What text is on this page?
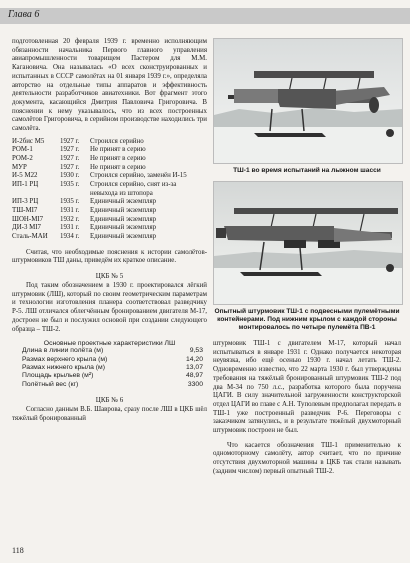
Глава 6

подготовленная 20 февраля 1939 г. временно исполняющим обязанности начальника Первого главного управления авиапромышленности товарищем Пастером для М.М. Кагановича. Она называлась «О всех сконструированных и испытанных в СССР самолётах на 01 января 1939 г.», определяла авторство на отдельные типы аппаратов и эффективность деятельности разработчиков авиатехники. Вот фрагмент этого документа, касающийся Дмитрия Павловича Григоровича. В пояснении к нему указывалось, что из всех построенных самолётов Григоровича, в серийном производстве находились три самолёта.

И-2бис М5	1927 г.	Строился серийно
РОМ-1	1927 г.	Не принят в серию
РОМ-2	1927 г.	Не принят в серию
МУР	1927 г.	Не принят в серию
И-5 М22	1930 г.	Строился серийно, заменён И-15
ИП-1 РЦ	1935 г.	Строился серийно, снят из-за
невыхода из штопора
ИП-3 РЦ	1935 г.	Единичный экземпляр
ТШ-МІ7	1931 г.	Единичный экземпляр
ШОН-МІ7	1932 г.	Единичный экземпляр
ДИ-3 МІ7	1931 г.	Единичный экземпляр
Сталь-МАИ	1934 г.	Единичный экземпляр

Считая, что необходимые пояснения к истории самолётов-штурмовиков ТШ даны, приведём их краткое описание.

ЦКБ № 5

Под таким обозначением в 1930 г. проектировался лёгкий штурмовик (ЛШ), который по своим геометрическим параметрам и технологии изготовления планера соответствовал разведчику Р-5. ЛШ отличался облегчённым бронированием двигателя М-17, достроен не был и послужил основой при создании следующего образца – ТШ-2.

Основные проектные характеристики ЛШ
Длина в линии полёта (м)	9,53
Размах верхнего крыла (м)	14,20
Размах нижнего крыла (м)	13,07
Площадь крыльев (м²)	48,97
Полётный вес (кг)	3300
ЦКБ № 6

Согласно данным В.Б. Шаврова, сразу после ЛШ в ЦКБ шёл тяжёлый бронированный

ТШ-1 во время испытаний на лыжном шасси
Опытный штурмовик ТШ-1 с подвесными пулемётными контейнерами. Под нижним крылом с каждой стороны монтировалось по четыре пулемёта ПВ-1

штурмовик ТШ-1 с двигателем М-17, который начал испытываться в январе 1931 г. Однако получается некоторая неувязка, ибо ещё осенью 1930 г. начал летать ТШ-2. Одновременно известно, что 22 марта 1930 г. был утверждены требования на тяжёлый бронированный штурмовик ТШ-2 под два М-34 по 750 л.с., разработка которого была поручена ЦАГИ. В силу значительной загруженности конструкторской отдел ЦАГИ во главе с А.Н. Туполевым предполагал передать в ТШ-1 уже построенный разведчик Р-6. Переговоры с заказчиком затянулись, и в результате тяжёлый двухмоторный штурмовик построен не был.

Что касается обозначения ТШ-1 применительно к одномоторному самолёту, автор считает, что по причине отсутствия двухмоторной машины в ЦКБ так стали называть (задним числом) первый опытный ТШ-2.

118
